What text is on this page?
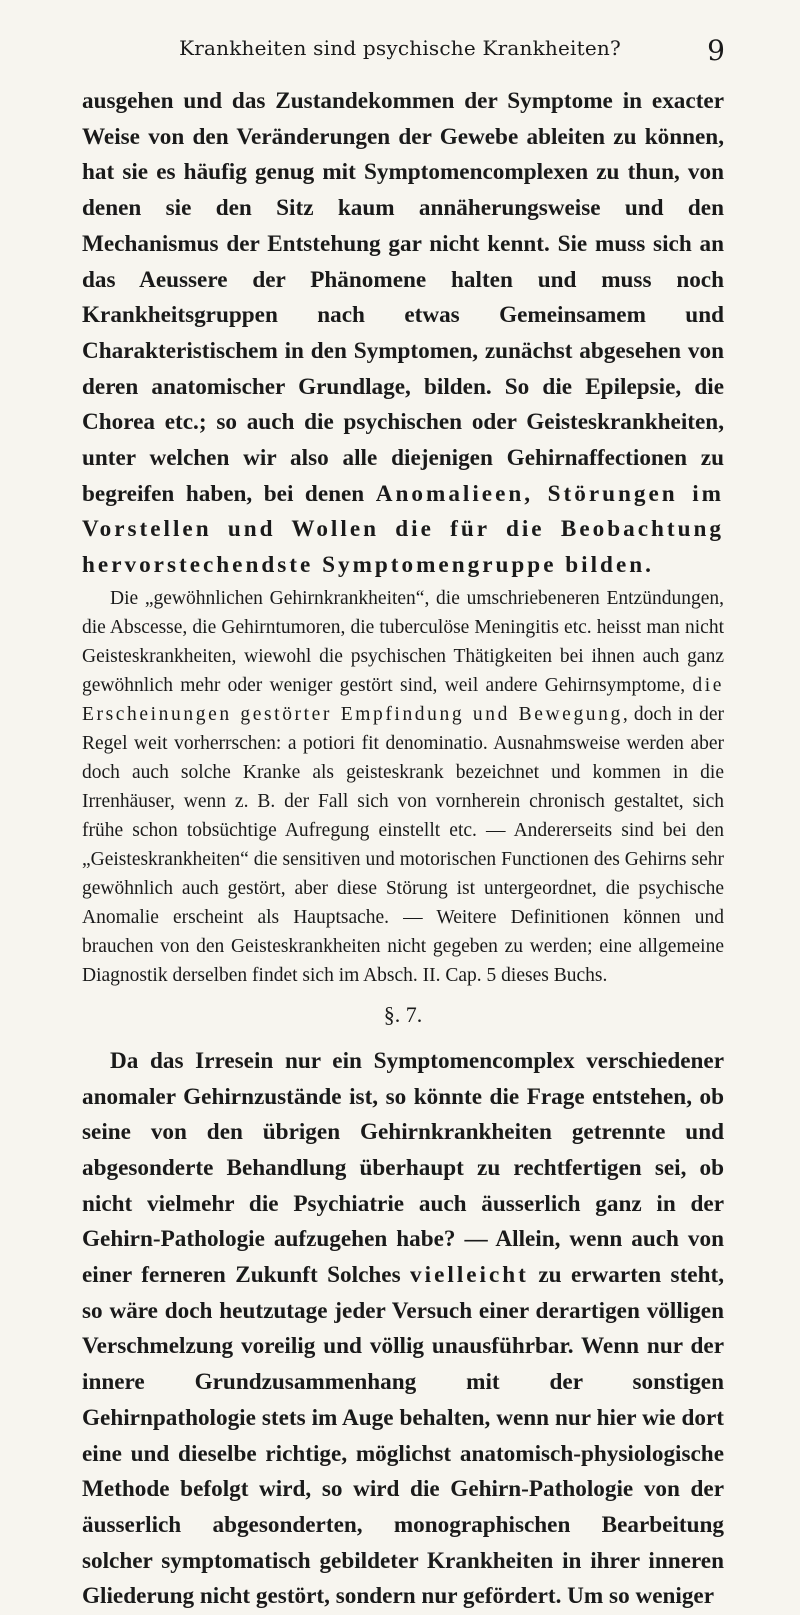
Krankheiten sind psychische Krankheiten?	9

ausgehen und das Zustandekommen der Symptome in exacter Weise von den Veränderungen der Gewebe ableiten zu können, hat sie es häufig genug mit Symptomencomplexen zu thun, von denen sie den Sitz kaum annäherungsweise und den Mechanismus der Entstehung gar nicht kennt. Sie muss sich an das Aeussere der Phänomene halten und muss noch Krankheitsgruppen nach etwas Gemeinsamem und Charakteristischem in den Symptomen, zunächst abgesehen von deren anatomischer Grundlage, bilden. So die Epilepsie, die Chorea etc.; so auch die psychischen oder Geisteskrankheiten, unter welchen wir also alle diejenigen Gehirnaffectionen zu begreifen haben, bei denen Anomalieen, Störungen im Vorstellen und Wollen die für die Beobachtung hervorstechendste Symptomengruppe bilden.

Die „gewöhnlichen Gehirnkrankheiten“, die umschriebeneren Entzündungen, die Abscesse, die Gehirntumoren, die tuberculöse Meningitis etc. heisst man nicht Geisteskrankheiten, wiewohl die psychischen Thätigkeiten bei ihnen auch ganz gewöhnlich mehr oder weniger gestört sind, weil andere Gehirnsymptome, die Erscheinungen gestörter Empfindung und Bewegung, doch in der Regel weit vorherrschen: a potiori fit denominatio. Ausnahmsweise werden aber doch auch solche Kranke als geisteskrank bezeichnet und kommen in die Irrenhäuser, wenn z. B. der Fall sich von vornherein chronisch gestaltet, sich frühe schon tobsüchtige Aufregung einstellt etc. — Andererseits sind bei den „Geisteskrankheiten“ die sensitiven und motorischen Functionen des Gehirns sehr gewöhnlich auch gestört, aber diese Störung ist untergeordnet, die psychische Anomalie erscheint als Hauptsache. — Weitere Definitionen können und brauchen von den Geisteskrankheiten nicht gegeben zu werden; eine allgemeine Diagnostik derselben findet sich im Absch. II. Cap. 5 dieses Buchs.

§. 7.

Da das Irresein nur ein Symptomencomplex verschiedener anomaler Gehirnzustände ist, so könnte die Frage entstehen, ob seine von den übrigen Gehirnkrankheiten getrennte und abgesonderte Behandlung überhaupt zu rechtfertigen sei, ob nicht vielmehr die Psychiatrie auch äusserlich ganz in der Gehirn-Pathologie aufzugehen habe? — Allein, wenn auch von einer ferneren Zukunft Solches vielleicht zu erwarten steht, so wäre doch heutzutage jeder Versuch einer derartigen völligen Verschmelzung voreilig und völlig unausführbar. Wenn nur der innere Grundzusammenhang mit der sonstigen Gehirnpathologie stets im Auge behalten, wenn nur hier wie dort eine und dieselbe richtige, möglichst anatomisch-physiologische Methode befolgt wird, so wird die Gehirn-Pathologie von der äusserlich abgesonderten, monographischen Bearbeitung solcher symptomatisch gebildeter Krankheiten in ihrer inneren Gliederung nicht gestört, sondern nur gefördert. Um so weniger
